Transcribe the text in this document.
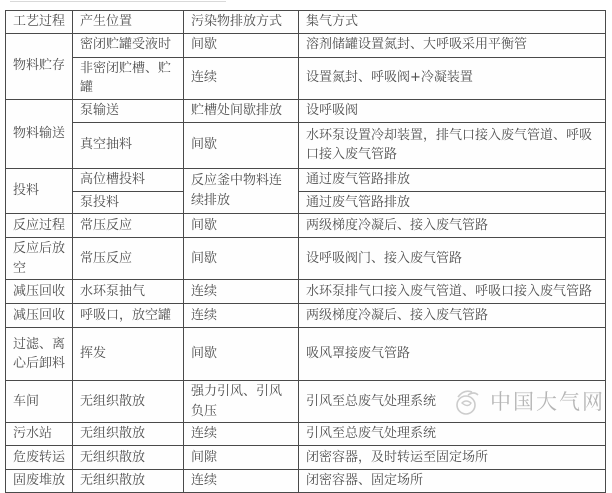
工艺过程	产生位置	污染物排放方式	集气方式
物料贮存	密闭贮罐受液时	间歇	溶剂储罐设置氮封、大呼吸采用平衡管
	非密闭贮槽、贮罐	连续	设置氮封、呼吸阀+冷凝装置
物料输送	泵输送	贮槽处间歇排放	设呼吸阀
	真空抽料	间歇	水环泵设置冷却装置，排气口接入废气管道、呼吸口接入废气管路
投料	高位槽投料	反应釜中物料连续排放	通过废气管路排放
	泵投料		通过废气管路排放
反应过程	常压反应	间歇	两级梯度冷凝后、接入废气管路
反应后放空	常压反应	间歇	设呼吸阀门、接入废气管路
减压回收	水环泵抽气	连续	水环泵排气口接入废气管道、呼吸口接入废气管路
减压回收	呼吸口，放空罐	连续	两级梯度冷凝后、接入废气管路
过滤、离心后卸料	挥发	间歇	吸风罩接废气管路
车间	无组织散放	强力引风、引风负压	引风至总废气处理系统
污水站	无组织散放	连续	引风至总废气处理系统
危废转运	无组织散放	间隙	闭密容器，及时转运至固定场所
固废堆放	无组织散放	连续	闭密容器、固定场所
中国大气网
